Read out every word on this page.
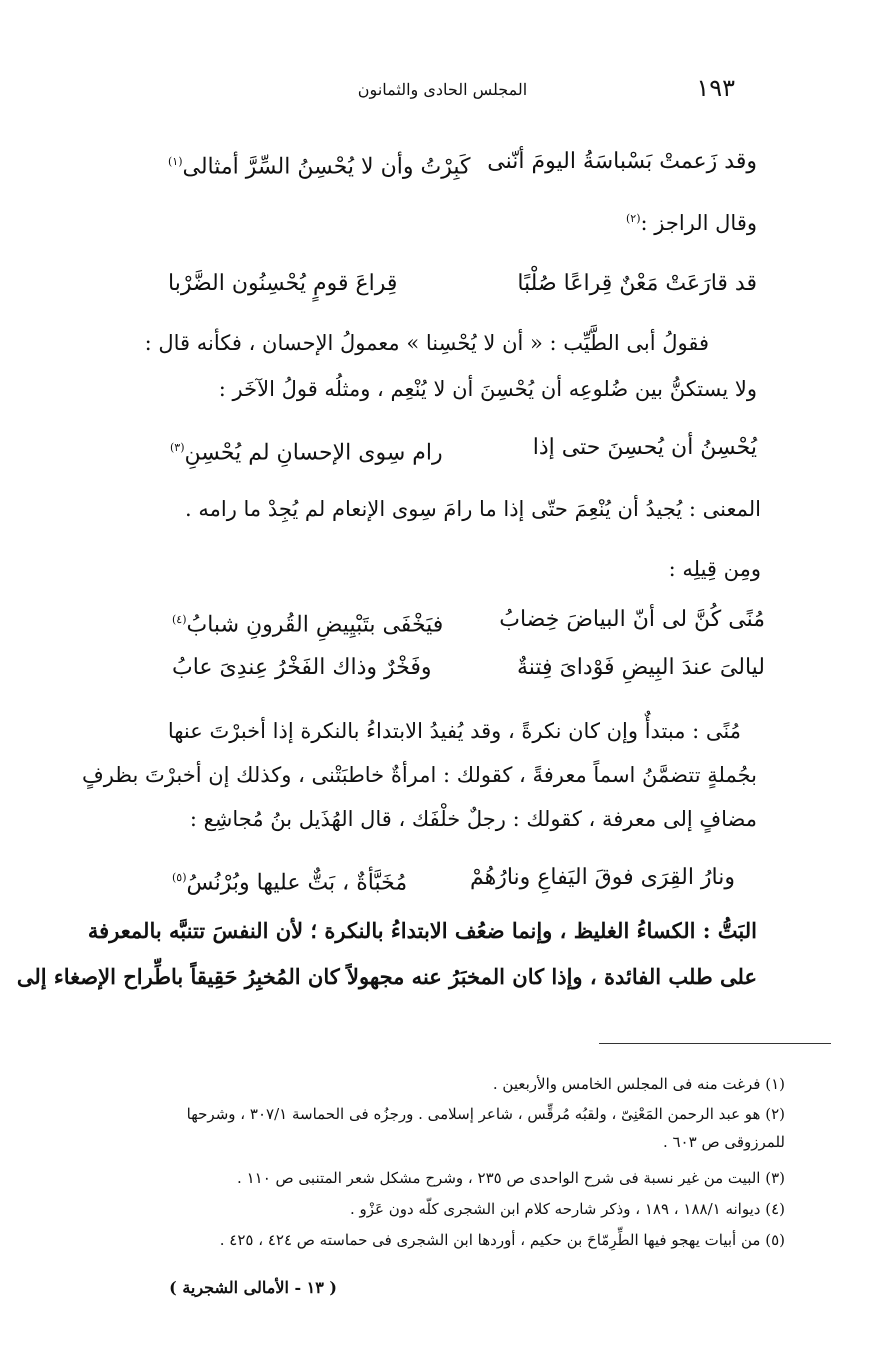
١٩٣
المجلس الحادى والثمانون
وقد زَعمتْ بَسْباسَةُ اليومَ أنّنى
كَبِرْتُ وأن لا يُحْسِنُ السِّرَّ أمثالى$^{(١)}$
وقال الراجز :$^{(٢)}$
قد قارَعَتْ مَعْنٌ قِراعًا صُلْبًا
قِراعَ قومٍ يُحْسِنُون الضَّرْبا
فقولُ أبى الطَّيِّب : « أن لا يُحْسِنا » معمولُ الإحسان ، فكأنه قال :
ولا يستكنُّ بين ضُلوعِه أن يُحْسِنَ أن لا يُنْعِم ، ومثلُه قولُ الآخَر :
يُحْسِنُ أن يُحسِنَ حتى إذا
رام سِوى الإحسانِ لم يُحْسِنِ$^{(٣)}$
المعنى : يُجيدُ أن يُنْعِمَ حتّى إذا ما رامَ سِوى الإنعام لم يُجِدْ ما رامه .
ومِن قِيلِه :
مُنًى كُنَّ لى أنّ البياضَ خِضابُ
فيَخْفَى بتَبْيِيضِ القُرونِ شبابُ$^{(٤)}$
ليالىَ عندَ البِيضِ فَوْداىَ فِتنةٌ
وفَخْرٌ وذاك الفَخْرُ عِندِىَ عابُ
مُنًى : مبتدأٌ وإن كان نكرةً ، وقد يُفيدُ الابتداءُ بالنكرة إذا أخبرْتَ عنها
بجُملةٍ تتضمَّنُ اسماً معرفةً ، كقولك : امرأةٌ خاطبَتْنى ، وكذلك إن أخبرْتَ بظرفٍ
مضافٍ إلى معرفة ، كقولك : رجلٌ خلْفَك ، قال الهُذَيل بنُ مُجاشِع :
ونارُ القِرَى فوقَ اليَفاعِ ونارُهُمْ
مُخَبَّأةٌ ، بَتٌّ عليها وبُرْنُسُ$^{(٥)}$
البَتُّ : الكساءُ الغليظ ، وإنما ضعُف الابتداءُ بالنكرة ؛ لأن النفسَ تتنبَّه بالمعرفة
على طلب الفائدة ، وإذا كان المخبَرُ عنه مجهولاً كان المُخبِرُ حَقِيقاً باطِّراح الإصغاء إلى
(١) فرغت منه فى المجلس الخامس والأربعين .
(٢) هو عبد الرحمن المَعْنِىّ ، ولقبُه مُرقِّس ، شاعر إسلامى . ورجزُه فى الحماسة ٣٠٧/١ ، وشرحها للمرزوقى ص ٦٠٣ .
(٣) البيت من غير نسبة فى شرح الواحدى ص ٢٣٥ ، وشرح مشكل شعر المتنبى ص ١١٠ .
(٤) ديوانه ١٨٨/١ ، ١٨٩ ، وذكر شارحه كلام ابن الشجرى كلّه دون عَزْو .
(٥) من أبيات يهجو فيها الطِّرِمّاحَ بن حكيم ، أوردها ابن الشجرى فى حماسته ص ٤٢٤ ، ٤٢٥ .
( ١٣ - الأمالى الشجرية )
